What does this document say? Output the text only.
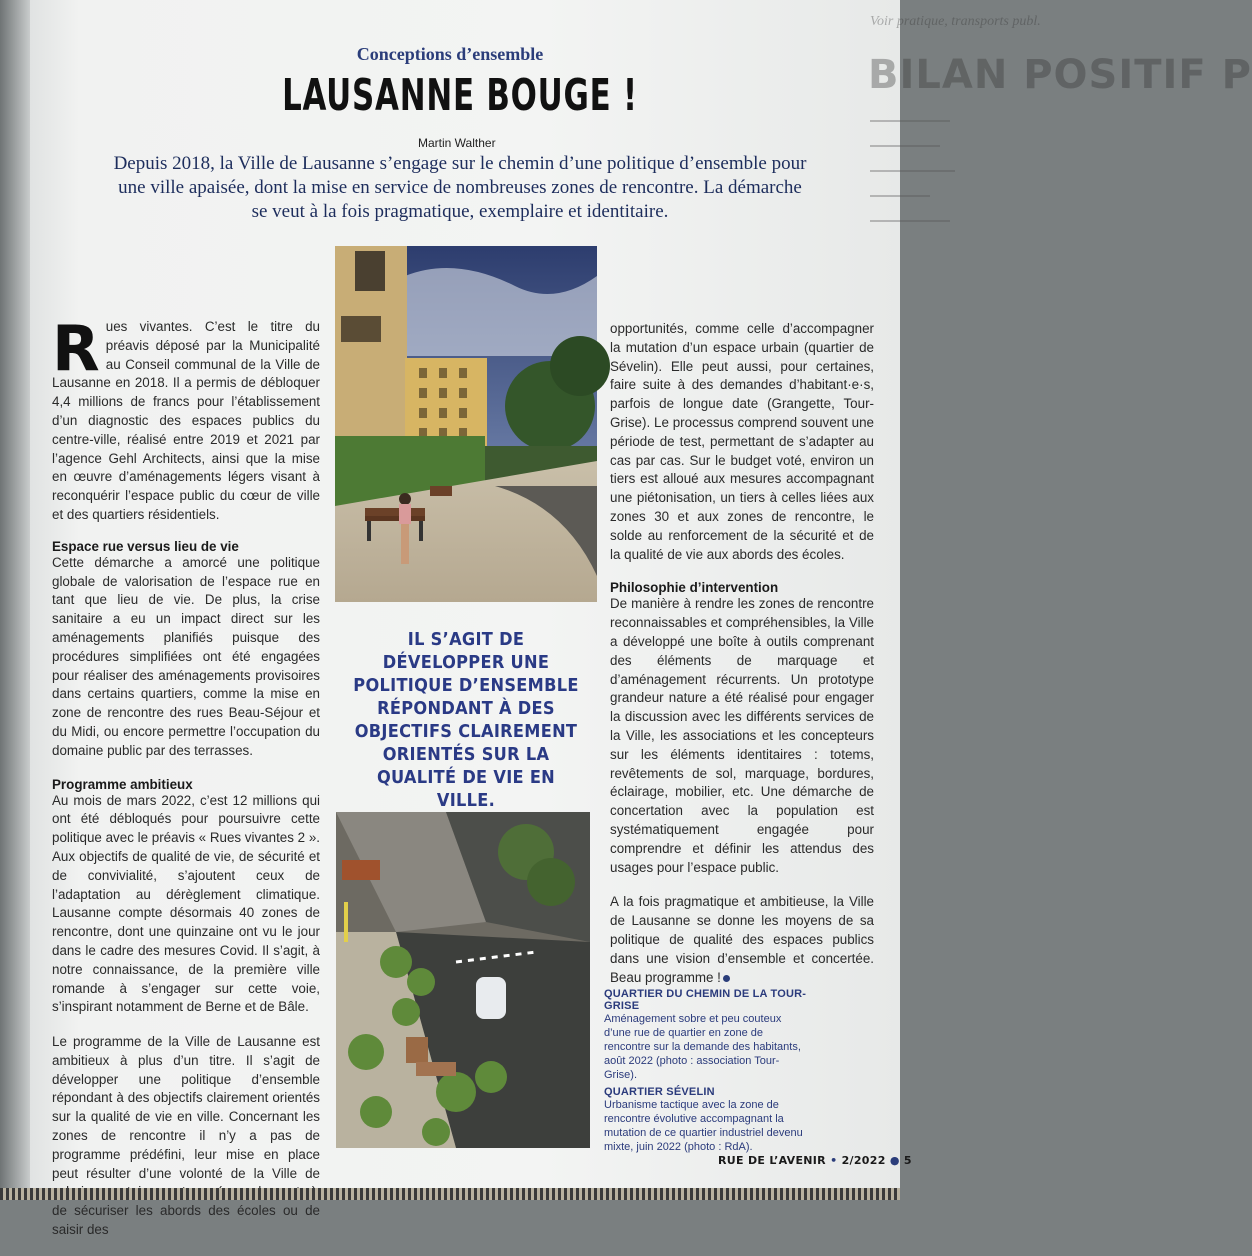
Voir pratique, transports publ.
BILAN POSITIF P
Conceptions d’ensemble
LAUSANNE BOUGE !
Martin Walther
Depuis 2018, la Ville de Lausanne s’engage sur le chemin d’une politique d’ensemble pour une ville apaisée, dont la mise en service de nombreuses zones de rencontre. La démarche se veut à la fois pragmatique, exemplaire et identitaire.

Rues vivantes. C’est le titre du préavis déposé par la Municipalité au Conseil communal de la Ville de Lausanne en 2018. Il a permis de débloquer 4,4 millions de francs pour l’établissement d’un diagnostic des espaces publics du centre-ville, réalisé entre 2019 et 2021 par l’agence Gehl Architects, ainsi que la mise en œuvre d’aménagements légers visant à reconquérir l’espace public du cœur de ville et des quartiers résidentiels.

Espace rue versus lieu de vie

Cette démarche a amorcé une politique globale de valorisation de l’espace rue en tant que lieu de vie. De plus, la crise sanitaire a eu un impact direct sur les aménagements planifiés puisque des procédures simplifiées ont été engagées pour réaliser des aménagements provisoires dans certains quartiers, comme la mise en zone de rencontre des rues Beau-Séjour et du Midi, ou encore permettre l’occupation du domaine public par des terrasses.

Programme ambitieux

Au mois de mars 2022, c’est 12 millions qui ont été débloqués pour poursuivre cette politique avec le préavis « Rues vivantes 2 ». Aux objectifs de qualité de vie, de sécurité et de convivialité, s’ajoutent ceux de l’adaptation au dérèglement climatique. Lausanne compte désormais 40 zones de rencontre, dont une quinzaine ont vu le jour dans le cadre des mesures Covid. Il s’agit, à notre connaissance, de la première ville romande à s’engager sur cette voie, s’inspirant notamment de Berne et de Bâle.

Le programme de la Ville de Lausanne est ambitieux à plus d’un titre. Il s’agit de développer une politique d’ensemble répondant à des objectifs clairement orientés sur la qualité de vie en ville. Concernant les zones de rencontre il n’y a pas de programme prédéfini, leur mise en place peut résulter d’une volonté de la Ville de de sécuriser les abords des écoles ou de saisir des

IL S’AGIT DE DÉVELOPPER UNE POLITIQUE D’ENSEMBLE RÉPONDANT À DES OBJECTIFS CLAIREMENT ORIENTÉS SUR LA QUALITÉ DE VIE EN VILLE.

opportunités, comme celle d’accompagner la mutation d’un espace urbain (quartier de Sévelin). Elle peut aussi, pour certaines, faire suite à des demandes d’habitant·e·s, parfois de longue date (Grangette, Tour-Grise). Le processus comprend souvent une période de test, permettant de s’adapter au cas par cas. Sur le budget voté, environ un tiers est alloué aux mesures accompagnant une piétonisation, un tiers à celles liées aux zones 30 et aux zones de rencontre, le solde au renforcement de la sécurité et de la qualité de vie aux abords des écoles.

Philosophie d’intervention

De manière à rendre les zones de rencontre reconnaissables et compréhensibles, la Ville a développé une boîte à outils comprenant des éléments de marquage et d’aménagement récurrents. Un prototype grandeur nature a été réalisé pour engager la discussion avec les différents services de la Ville, les associations et les concepteurs sur les éléments identitaires : totems, revêtements de sol, marquage, bordures, éclairage, mobilier, etc. Une démarche de concertation avec la population est systématiquement engagée pour comprendre et définir les attendus des usages pour l’espace public.

A la fois pragmatique et ambitieuse, la Ville de Lausanne se donne les moyens de sa politique de qualité des espaces publics dans une vision d’ensemble et concertée. Beau programme !

QUARTIER DU CHEMIN DE LA TOUR-GRISE
Aménagement sobre et peu couteux d’une rue de quartier en zone de rencontre sur la demande des habitants, août 2022 (photo : association Tour-Grise).
QUARTIER SÉVELIN
Urbanisme tactique avec la zone de rencontre évolutive accompagnant la mutation de ce quartier industriel devenu mixte, juin 2022 (photo : RdA).
RUE DE L’AVENIR • 2/2022 ● 5
